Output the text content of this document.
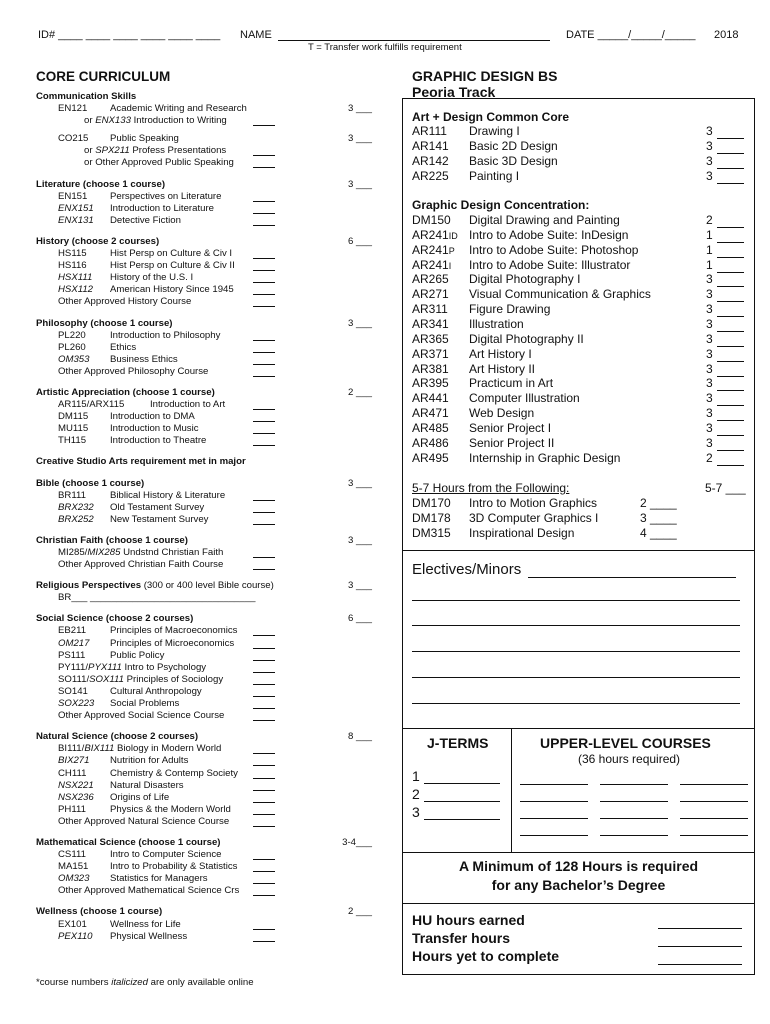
ID# ____ ____ ____ ____ ____ ____ NAME	DATE _____/_____/_____ 2018
T = Transfer work fulfills requirement
CORE CURRICULUM
Communication Skills
EN121 Academic Writing and Research	3 ___
or ENX133 Introduction to Writing
CO215 Public Speaking	3 ___
or SPX211 Profess Presentations
or Other Approved Public Speaking
Literature (choose 1 course)	3 ___
EN151 Perspectives on Literature
ENX151 Introduction to Literature
ENX131 Detective Fiction
History (choose 2 courses)	6 ___
HS115 Hist Persp on Culture & Civ I
HS116 Hist Persp on Culture & Civ II
HSX111 History of the U.S. I
HSX112 American History Since 1945
Other Approved History Course
Philosophy (choose 1 course)	3 ___
PL220	Introduction to Philosophy
PL260	Ethics
OM353 Business Ethics
Other Approved Philosophy Course
Artistic Appreciation (choose 1 course)	2 ___
AR115/ARX115	Introduction to Art
DM115 Introduction to DMA
MU115 Introduction to Music
TH115 Introduction to Theatre
Creative Studio Arts requirement met in major
Bible (choose 1 course)	3 ___
BR111	Biblical History & Literature
BRX232 Old Testament Survey
BRX252 New Testament Survey
Christian Faith (choose 1 course)	3 ___
MI285/MIX285 Undstnd Christian Faith
Other Approved Christian Faith Course
Religious Perspectives (300 or 400 level Bible course)	3 ___
BR___ _______________________________
Social Science (choose 2 courses)	6 ___
EB211 Principles of Macroeconomics
OM217 Principles of Microeconomics
PS111	Public Policy
PY111/PYX111 Intro to Psychology
SO111/SOX111 Principles of Sociology
SO141 Cultural Anthropology
SOX223 Social Problems
Other Approved Social Science Course
Natural Science (choose 2 courses)	8 ___
BI111/BIX111 Biology in Modern World
BIX271 Nutrition for Adults
CH111 Chemistry & Contemp Society
NSX221 Natural Disasters
NSX236 Origins of Life
PH111	Physics & the Modern World
Other Approved Natural Science Course
Mathematical Science (choose 1 course)	3-4___
CS111	Intro to Computer Science
MA151 Intro to Probability & Statistics
OM323 Statistics for Managers
Other Approved Mathematical Science Crs
Wellness (choose 1 course)	2 ___
EX101 Wellness for Life
PEX110 Physical Wellness
*course numbers italicized are only available online
GRAPHIC DESIGN BS
Peoria Track
Art + Design Common Core
AR111 Drawing I	3
AR141 Basic 2D Design	3
AR142 Basic 3D Design	3
AR225 Painting I	3
Graphic Design Concentration:
DM150 Digital Drawing and Painting	2
AR241ID Intro to Adobe Suite: InDesign	1
AR241P Intro to Adobe Suite: Photoshop	1
AR241I Intro to Adobe Suite: Illustrator	1
AR265 Digital Photography I	3
AR271 Visual Communication & Graphics	3
AR311 Figure Drawing	3
AR341 Illustration	3
AR365 Digital Photography II	3
AR371 Art History I	3
AR381 Art History II	3
AR395 Practicum in Art	3
AR441 Computer Illustration	3
AR471 Web Design	3
AR485 Senior Project I	3
AR486 Senior Project II	3
AR495 Internship in Graphic Design	2
5-7 Hours from the Following:	5-7 ___
DM170 Intro to Motion Graphics	2 ____
DM178 3D Computer Graphics I	3 ____
DM315 Inspirational Design	4 ____
Electives/Minors
J-TERMS
1
2
3
UPPER-LEVEL COURSES
(36 hours required)
A Minimum of 128 Hours is required
for any Bachelor’s Degree
HU hours earned
Transfer hours
Hours yet to complete
